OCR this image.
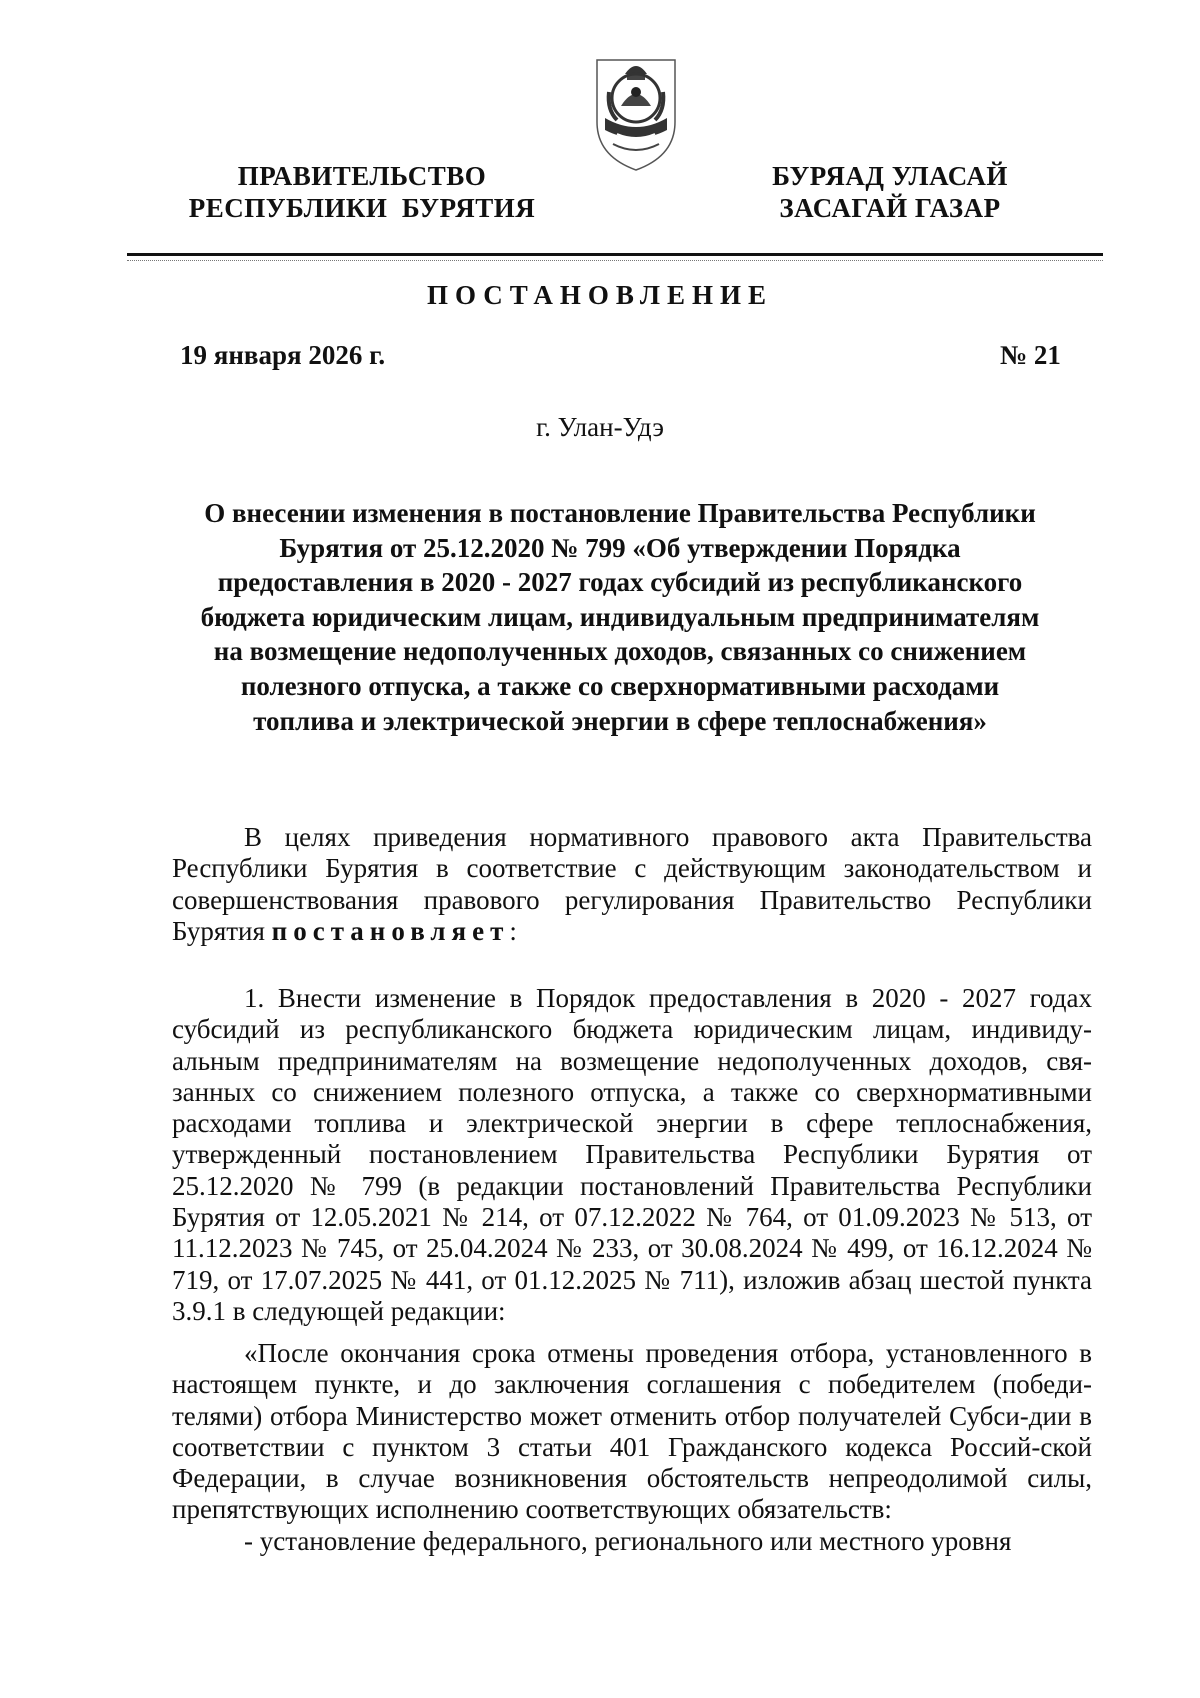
ПРАВИТЕЛЬСТВО
РЕСПУБЛИКИ  БУРЯТИЯ
БУРЯАД УЛАСАЙ
ЗАСАГАЙ ГАЗАР
ПОСТАНОВЛЕНИЕ
19 января 2026 г.	№ 21
г. Улан-Удэ
О внесении изменения в постановление Правительства Республики Бурятия от 25.12.2020 № 799 «Об утверждении Порядка предоставления в 2020 - 2027 годах субсидий из республиканского бюджета юридическим лицам, индивидуальным предпринимателям на возмещение недополученных доходов, связанных со снижением полезного отпуска, а также со сверхнормативными расходами топлива и электрической энергии в сфере теплоснабжения»

В целях приведения нормативного правового акта Правительства Республики Бурятия в соответствие с действующим законодательством и совершенствования правового регулирования Правительство Республики Бурятия постановляет:

1. Внести изменение в Порядок предоставления в 2020 - 2027 годах субсидий из республиканского бюджета юридическим лицам, индивиду-альным предпринимателям на возмещение недополученных доходов, свя-занных со снижением полезного отпуска, а также со сверхнормативными расходами топлива и электрической энергии в сфере теплоснабжения, утвержденный постановлением Правительства Республики Бурятия от 25.12.2020 № 799 (в редакции постановлений Правительства Республики Бурятия от 12.05.2021 № 214, от 07.12.2022 № 764, от 01.09.2023 № 513, от 11.12.2023 № 745, от 25.04.2024 № 233, от 30.08.2024 № 499, от 16.12.2024 № 719, от 17.07.2025 № 441, от 01.12.2025 № 711), изложив абзац шестой пункта 3.9.1 в следующей редакции:

«После окончания срока отмены проведения отбора, установленного в настоящем пункте, и до заключения соглашения с победителем (победи-телями) отбора Министерство может отменить отбор получателей Субси-дии в соответствии с пунктом 3 статьи 401 Гражданского кодекса Россий-ской Федерации, в случае возникновения обстоятельств непреодолимой силы, препятствующих исполнению соответствующих обязательств:

- установление федерального, регионального или местного уровня
